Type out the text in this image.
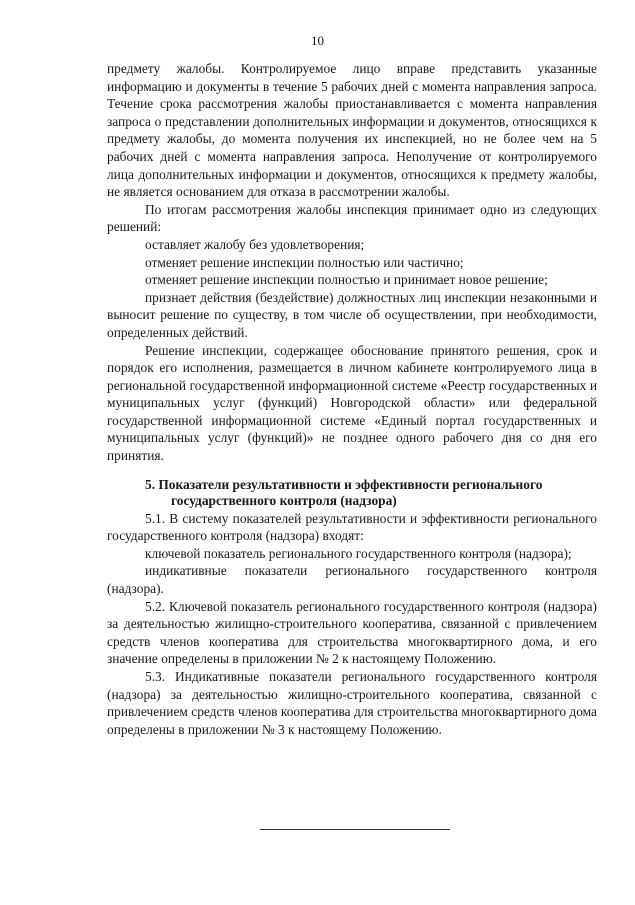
10

предмету жалобы. Контролируемое лицо вправе представить указанные информацию и документы в течение 5 рабочих дней с момента направления запроса. Течение срока рассмотрения жалобы приостанавливается с момента направления запроса о представлении дополнительных информации и документов, относящихся к предмету жалобы, до момента получения их инспекцией, но не более чем на 5 рабочих дней с момента направления запроса. Неполучение от контролируемого лица дополнительных информации и документов, относящихся к предмету жалобы, не является основанием для отказа в рассмотрении жалобы.

По итогам рассмотрения жалобы инспекция принимает одно из следующих решений:

оставляет жалобу без удовлетворения;

отменяет решение инспекции полностью или частично;

отменяет решение инспекции полностью и принимает новое решение;

признает действия (бездействие) должностных лиц инспекции незаконными и выносит решение по существу, в том числе об осуществлении, при необходимости, определенных действий.

Решение инспекции, содержащее обоснование принятого решения, срок и порядок его исполнения, размещается в личном кабинете контролируемого лица в региональной государственной информационной системе «Реестр государственных и муниципальных услуг (функций) Новгородской области» или федеральной государственной информационной системе «Единый портал государственных и муниципальных услуг (функций)» не позднее одного рабочего дня со дня его принятия.

5. Показатели результативности и эффективности регионального
государственного контроля (надзора)

5.1. В систему показателей результативности и эффективности регионального государственного контроля (надзора) входят:

ключевой показатель регионального государственного контроля (надзора);

индикативные показатели регионального государственного контроля (надзора).

5.2. Ключевой показатель регионального государственного контроля (надзора) за деятельностью жилищно-строительного кооператива, связанной с привлечением средств членов кооператива для строительства многоквартирного дома, и его значение определены в приложении № 2 к настоящему Положению.

5.3. Индикативные показатели регионального государственного контроля (надзора) за деятельностью жилищно-строительного кооператива, связанной с привлечением средств членов кооператива для строительства многоквартирного дома определены в приложении № 3 к настоящему Положению.
